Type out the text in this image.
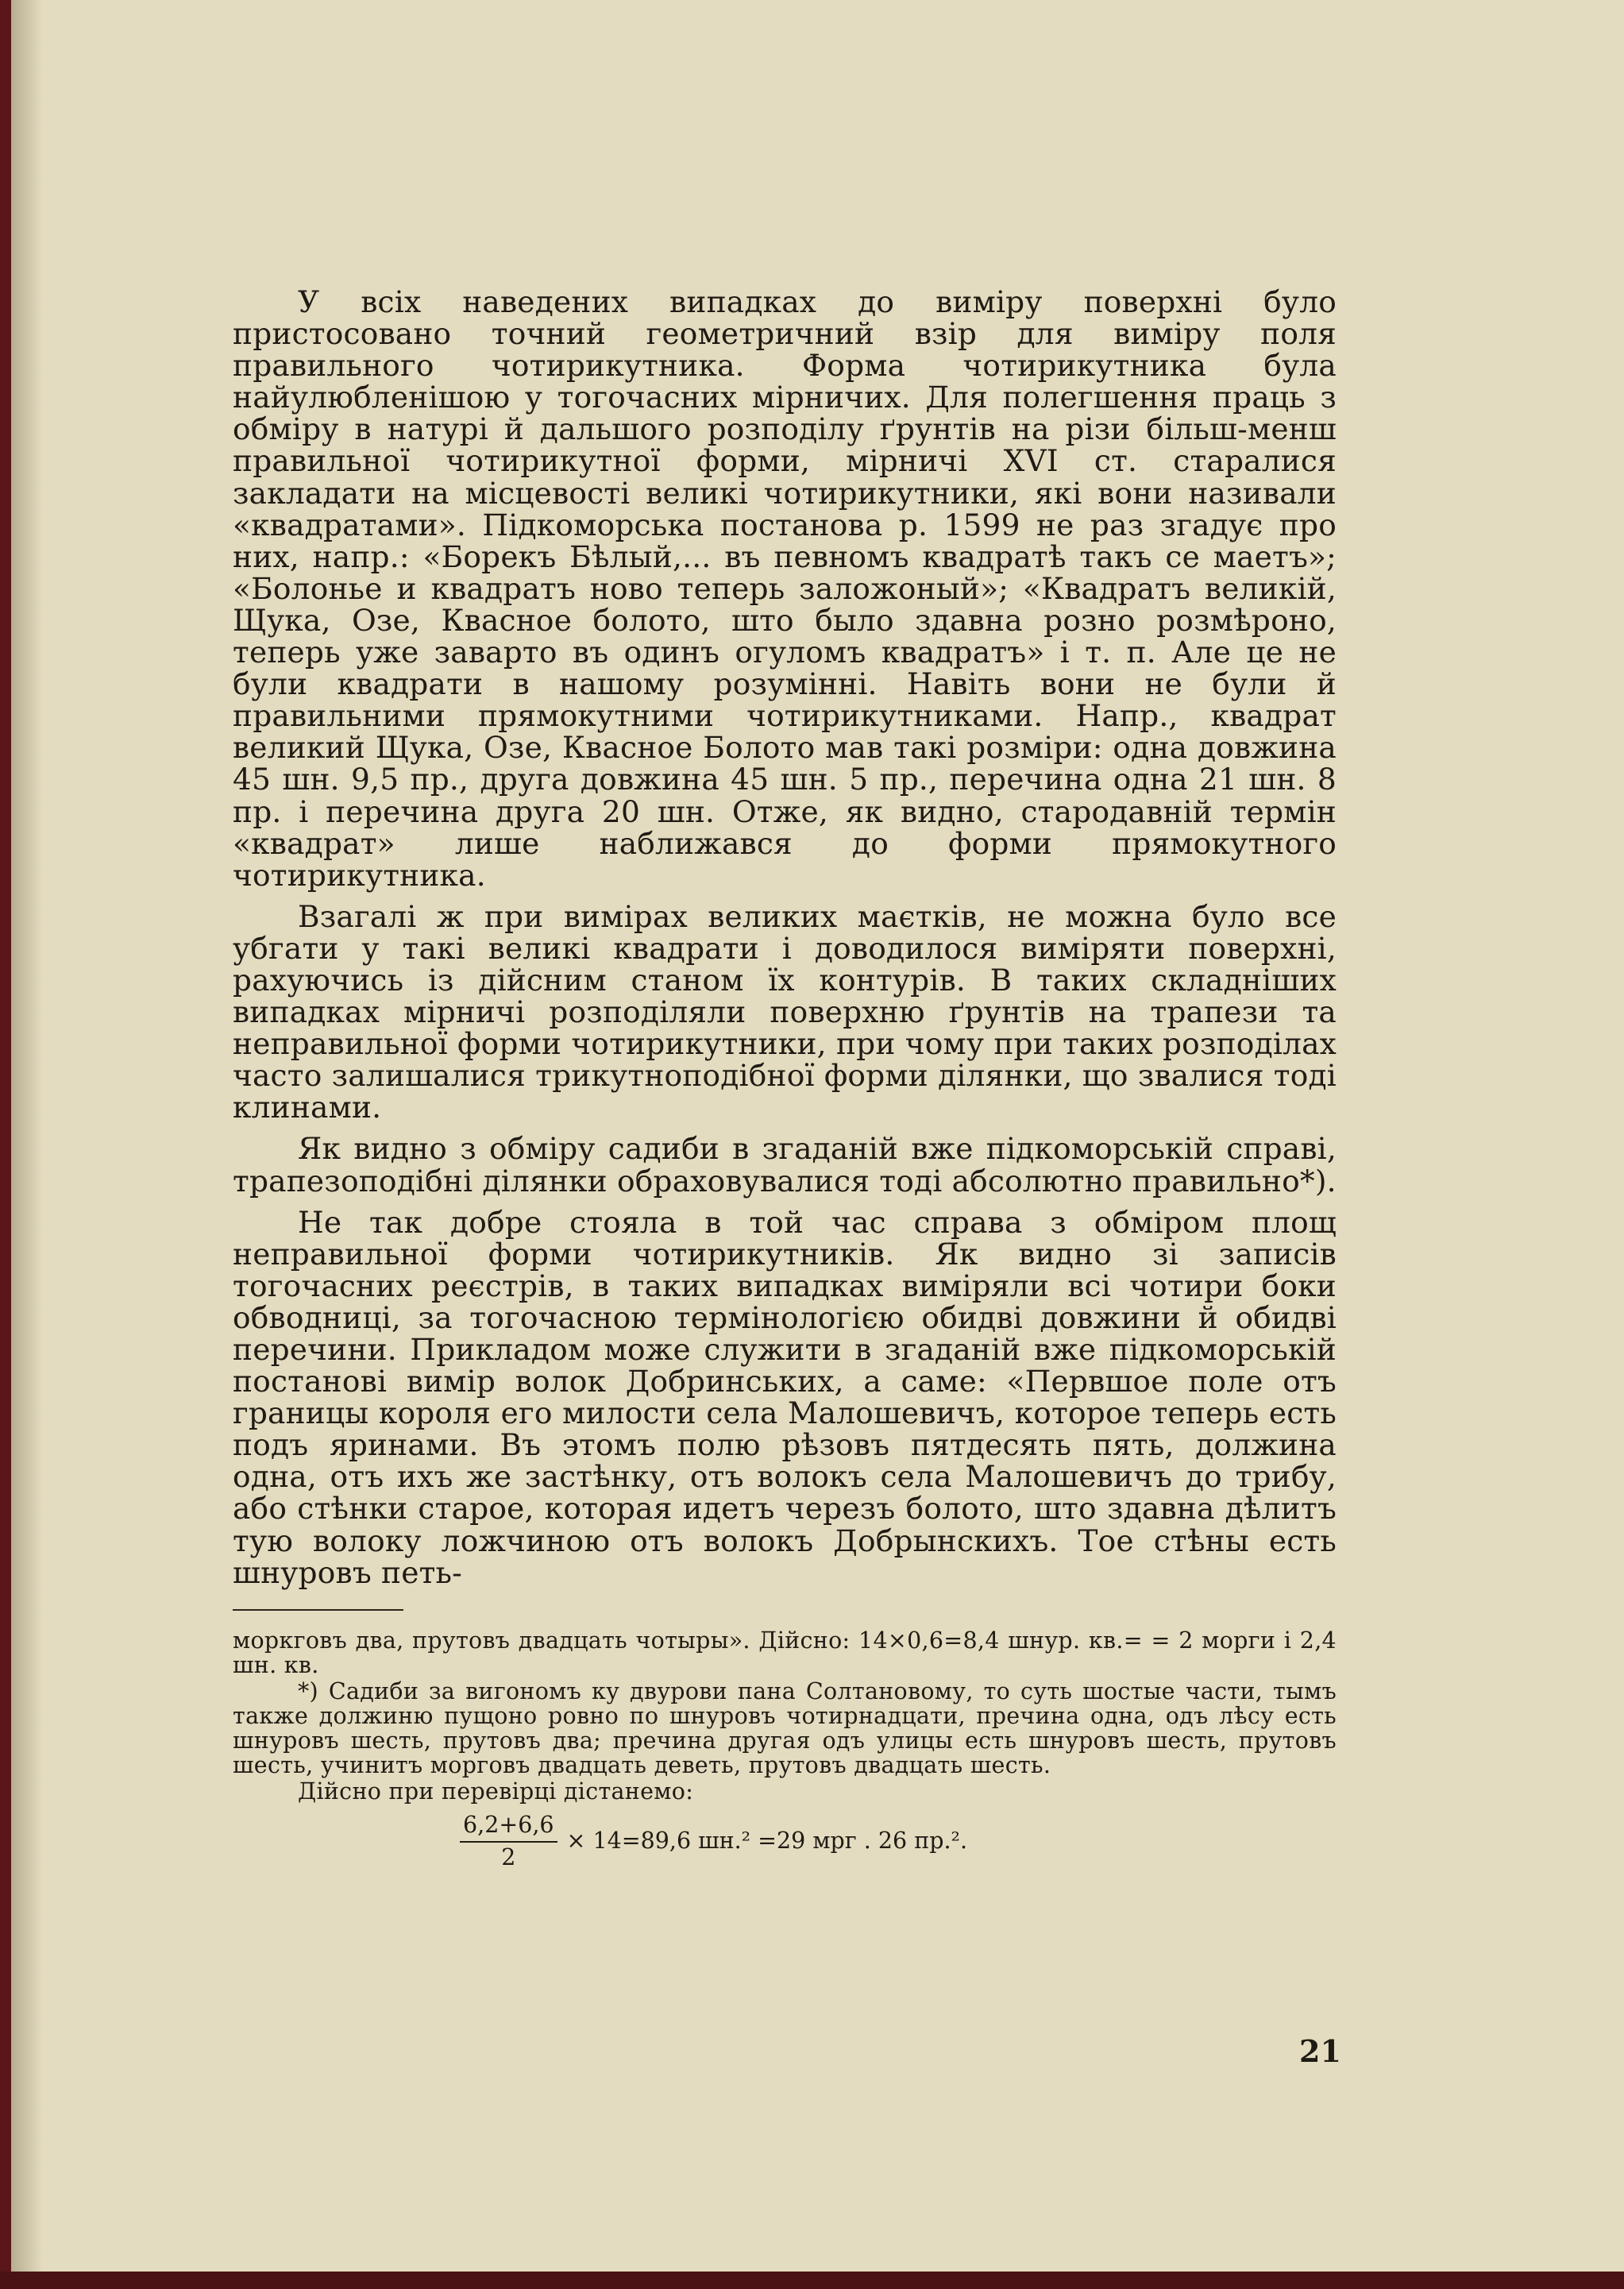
У всіх наведених випадках до виміру поверхні було пристосовано точний геометричний взір для виміру поля правильного чотирикутника. Форма чотирикутника була найулюбленішою у тогочасних мірничих. Для полегшення праць з обміру в натурі й дальшого розподілу ґрунтів на різи більш-менш правильної чотирикутної форми, мірничі XVI ст. старалися закладати на місцевості великі чотирикутники, які вони називали «квадратами». Підкоморська постанова р. 1599 не раз згадує про них, напр.: «Борекъ Бѣлый,... въ певномъ квадратѣ такъ се маетъ»; «Болонье и квадратъ ново теперь заложоный»; «Квадратъ великій, Щука, Озе, Квасное болото, што было здавна розно розмѣроно, теперь уже заварто въ одинъ огуломъ квадратъ» і т. п. Але це не були квадрати в нашому розумінні. Навіть вони не були й правильними прямокутними чотирикутниками. Напр., квадрат великий Щука, Озе, Квасное Болото мав такі розміри: одна довжина 45 шн. 9,5 пр., друга довжина 45 шн. 5 пр., перечина одна 21 шн. 8 пр. і перечина друга 20 шн. Отже, як видно, стародавній термін «квадрат» лише наближався до форми прямокутного чотирикутника.

Взагалі ж при вимірах великих маєтків, не можна було все убгати у такі великі квадрати і доводилося виміряти поверхні, рахуючись із дійсним станом їх контурів. В таких складніших випадках мірничі розподіляли поверхню ґрунтів на трапези та неправильної форми чотирикутники, при чому при таких розподілах часто залишалися трикутноподібної форми ділянки, що звалися тоді клинами.

Як видно з обміру садиби в згаданій вже підкоморській справі, трапезоподібні ділянки обраховувалися тоді абсолютно правильно*).

Не так добре стояла в той час справа з обміром площ неправильної форми чотирикутників. Як видно зі записів тогочасних реєстрів, в таких випадках виміряли всі чотири боки обводниці, за тогочасною термінологією обидві довжини й обидві перечини. Прикладом може служити в згаданій вже підкоморській постанові вимір волок Добринських, а саме: «Первшое поле отъ границы короля его милости села Малошевичъ, которое теперь есть подъ яринами. Въ этомъ полю рѣзовъ пятдесять пять, должина одна, отъ ихъ же застѣнку, отъ волокъ села Малошевичъ до трибу, або стѣнки старое, которая идетъ черезъ болото, што здавна дѣлитъ тую волоку ложчиною отъ волокъ Добрынскихъ. Тое стѣны есть шнуровъ петь-

моркговъ два, прутовъ двадцать чотыры». Дійсно: 14×0,6=8,4 шнур. кв.= = 2 морги і 2,4 шн. кв.

*) Садиби за вигономъ ку двурови пана Солтановому, то суть шостые части, тымъ также должиню пущоно ровно по шнуровъ чотирнадцати, пречина одна, одъ лѣсу есть шнуровъ шесть, прутовъ два; пречина другая одъ улицы есть шнуровъ шесть, прутовъ шесть, учинитъ морговъ двадцать деветь, прутовъ двадцать шесть.

Дійсно при перевірці дістанемо:

$\frac{6,2+6,6}{2} \times 14=89,6$ шн.² =29 мрг . 26 пр.².
21
